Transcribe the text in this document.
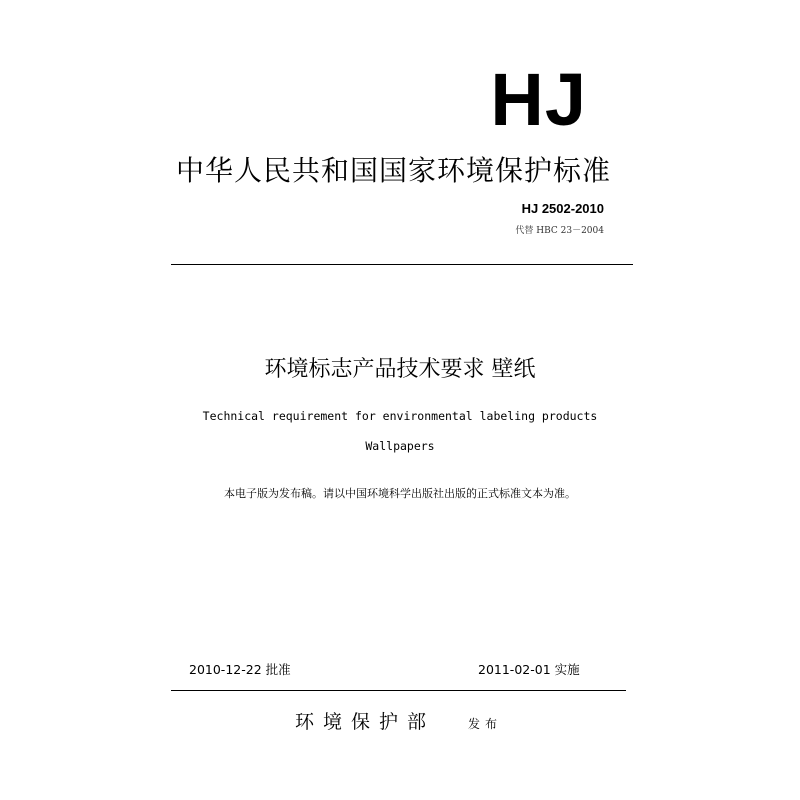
HJ
中华人民共和国国家环境保护标准
HJ 2502-2010
代替 HBC 23－2004
环境标志产品技术要求 壁纸
Technical requirement for environmental labeling products
Wallpapers
本电子版为发布稿。请以中国环境科学出版社出版的正式标准文本为准。
2010-12-22 批准	2011-02-01 实施
环境保护部	发布
